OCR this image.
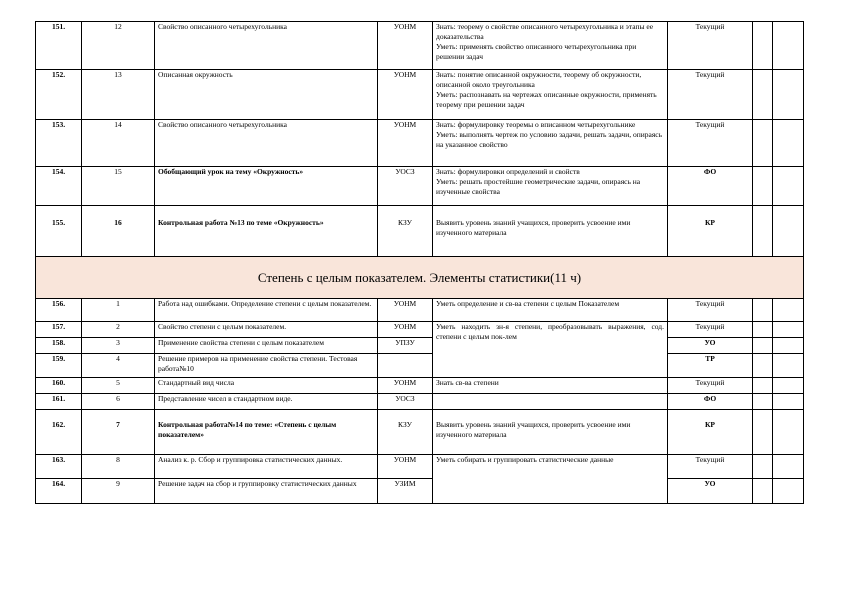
151.	12	Свойство описанного четырехугольника	УОНМ	Знать: теорему о свойстве описанного четырехугольника и этапы ее доказательства
Уметь: применять свойство описанного четырехугольника при решении задач	Текущий		
152.	13	Описанная окружность	УОНМ	Знать: понятие описанной окружности, теорему об окружности, описанной около треугольника
Уметь: распознавать на чертежах описанные окружности, применять теорему при решении задач	Текущий		
153.	14	Свойство описанного четырехугольника	УОНМ	Знать: формулировку теоремы о вписанном четырехугольнике
Уметь: выполнять чертеж по условию задачи, решать задачи, опираясь на указанное свойство	Текущий		
154.	15	Обобщающий урок на тему «Окружность»	УОСЗ	Знать: формулировки определений и свойств
Уметь: решать простейшие геометрические задачи, опираясь на изученные свойства	ФО		
155.	16	Контрольная работа №13 по теме «Окружность»	КЗУ	Выявить уровень знаний учащихся, проверить усвоение ими изученного материала	КР		
Степень с целым показателем. Элементы статистики(11 ч)							
156.	1	Работа над ошибками. Определение степени с целым показателем.	УОНМ	Уметь определение и св-ва степени с целым Показателем	Текущий		
157.	2	Свойство степени с целым показателем.	УОНМ	Уметь находить зн-я степени, преобразовывать выражения, сод. степени с целым пок-лем	Текущий		
158.	3	Применение свойства степени с целым показателем	УПЗУ		УО		
159.	4	Решение примеров на применение свойства степени. Тестовая работа№10			ТР		
160.	5	Стандартный вид числа	УОНМ	Знать св-ва степени	Текущий		
161.	6	Представление чисел в стандартном виде.	УОСЗ		ФО		
162.	7	Контрольная работа№14 по теме: «Степень с целым показателем»	КЗУ	Выявить уровень знаний учащихся, проверить усвоение ими изученного материала	КР		
163.	8	Анализ к. р. Сбор и группировка статистических данных.	УОНМ	Уметь собирать и группировать статистические данные	Текущий		
164.	9	Решение задач на сбор и группировку статистических данных	УЗИМ		УО		
